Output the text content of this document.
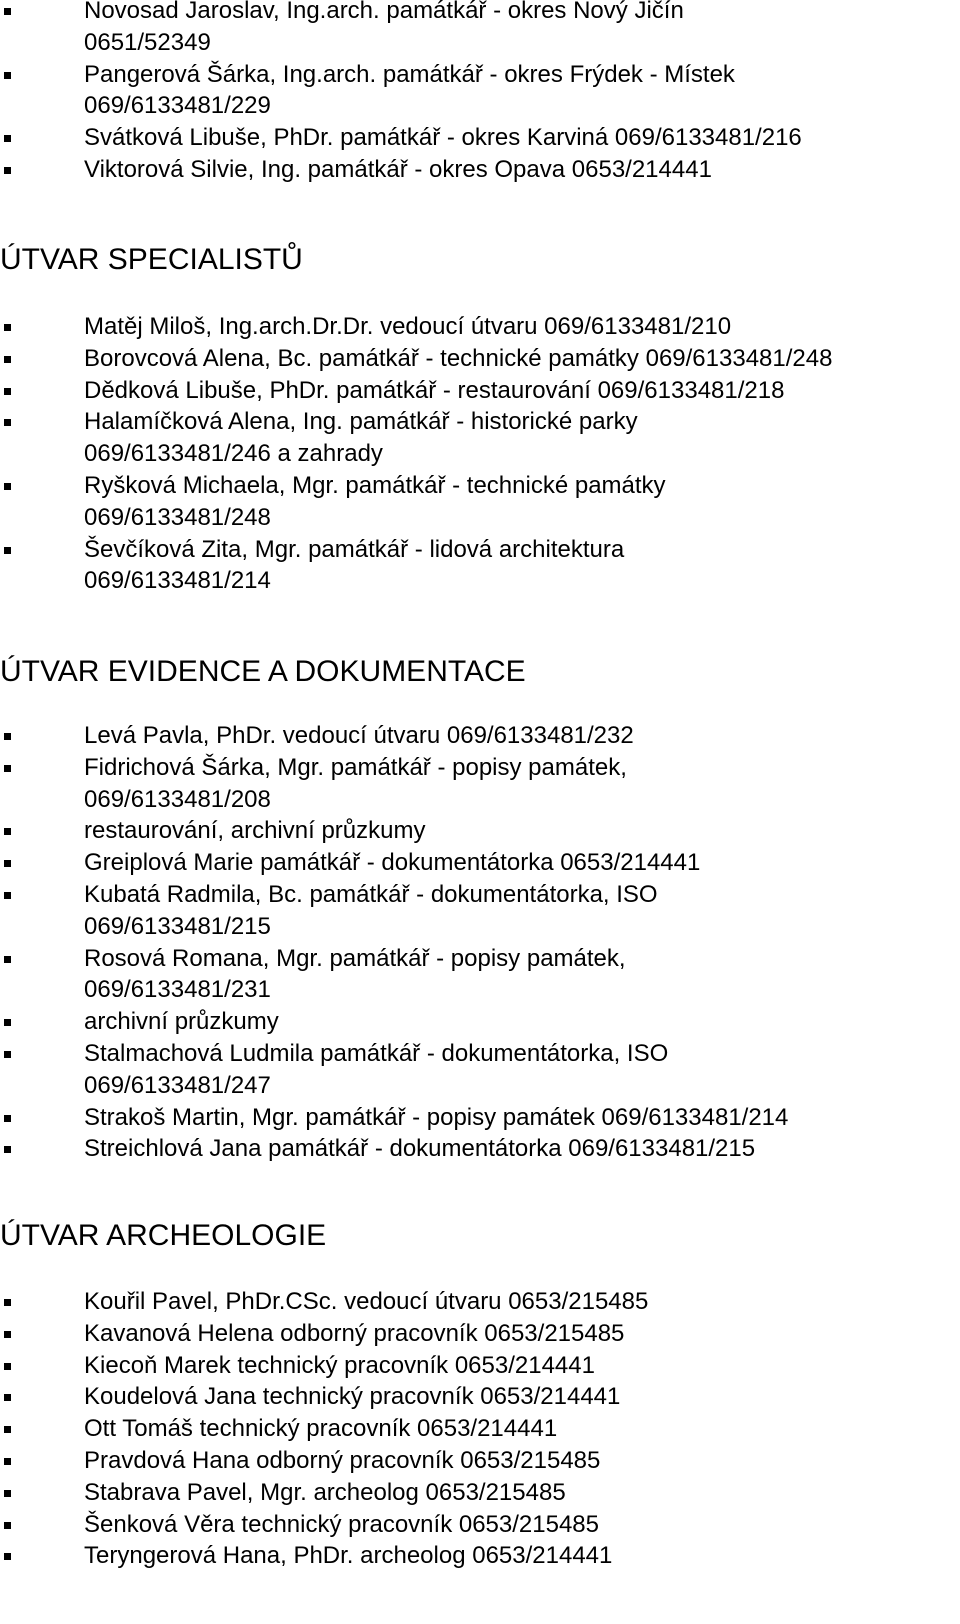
Novosad Jaroslav, Ing.arch. památkář - okres Nový Jičín
0651/52349
Pangerová Šárka, Ing.arch. památkář - okres Frýdek - Místek
069/6133481/229
Svátková Libuše, PhDr. památkář - okres Karviná 069/6133481/216
Viktorová Silvie, Ing. památkář - okres Opava 0653/214441
ÚTVAR SPECIALISTŮ
Matěj Miloš, Ing.arch.Dr.Dr. vedoucí útvaru 069/6133481/210
Borovcová Alena, Bc. památkář - technické památky 069/6133481/248
Dědková Libuše, PhDr. památkář - restaurování 069/6133481/218
Halamíčková Alena, Ing. památkář - historické parky
069/6133481/246 a zahrady
Ryšková Michaela, Mgr. památkář - technické památky
069/6133481/248
Ševčíková Zita, Mgr. památkář - lidová architektura
069/6133481/214
ÚTVAR EVIDENCE A DOKUMENTACE
Levá Pavla, PhDr. vedoucí útvaru 069/6133481/232
Fidrichová Šárka, Mgr. památkář - popisy památek,
069/6133481/208
restaurování, archivní průzkumy
Greiplová Marie památkář - dokumentátorka 0653/214441
Kubatá Radmila, Bc. památkář - dokumentátorka, ISO
069/6133481/215
Rosová Romana, Mgr. památkář - popisy památek,
069/6133481/231
archivní průzkumy
Stalmachová Ludmila památkář - dokumentátorka, ISO
069/6133481/247
Strakoš Martin, Mgr. památkář - popisy památek 069/6133481/214
Streichlová Jana památkář - dokumentátorka 069/6133481/215
ÚTVAR ARCHEOLOGIE
Kouřil Pavel, PhDr.CSc. vedoucí útvaru 0653/215485
Kavanová Helena odborný pracovník 0653/215485
Kiecoň Marek technický pracovník 0653/214441
Koudelová Jana technický pracovník 0653/214441
Ott Tomáš technický pracovník 0653/214441
Pravdová Hana odborný pracovník 0653/215485
Stabrava Pavel, Mgr. archeolog 0653/215485
Šenková Věra technický pracovník 0653/215485
Teryngerová Hana, PhDr. archeolog 0653/214441
